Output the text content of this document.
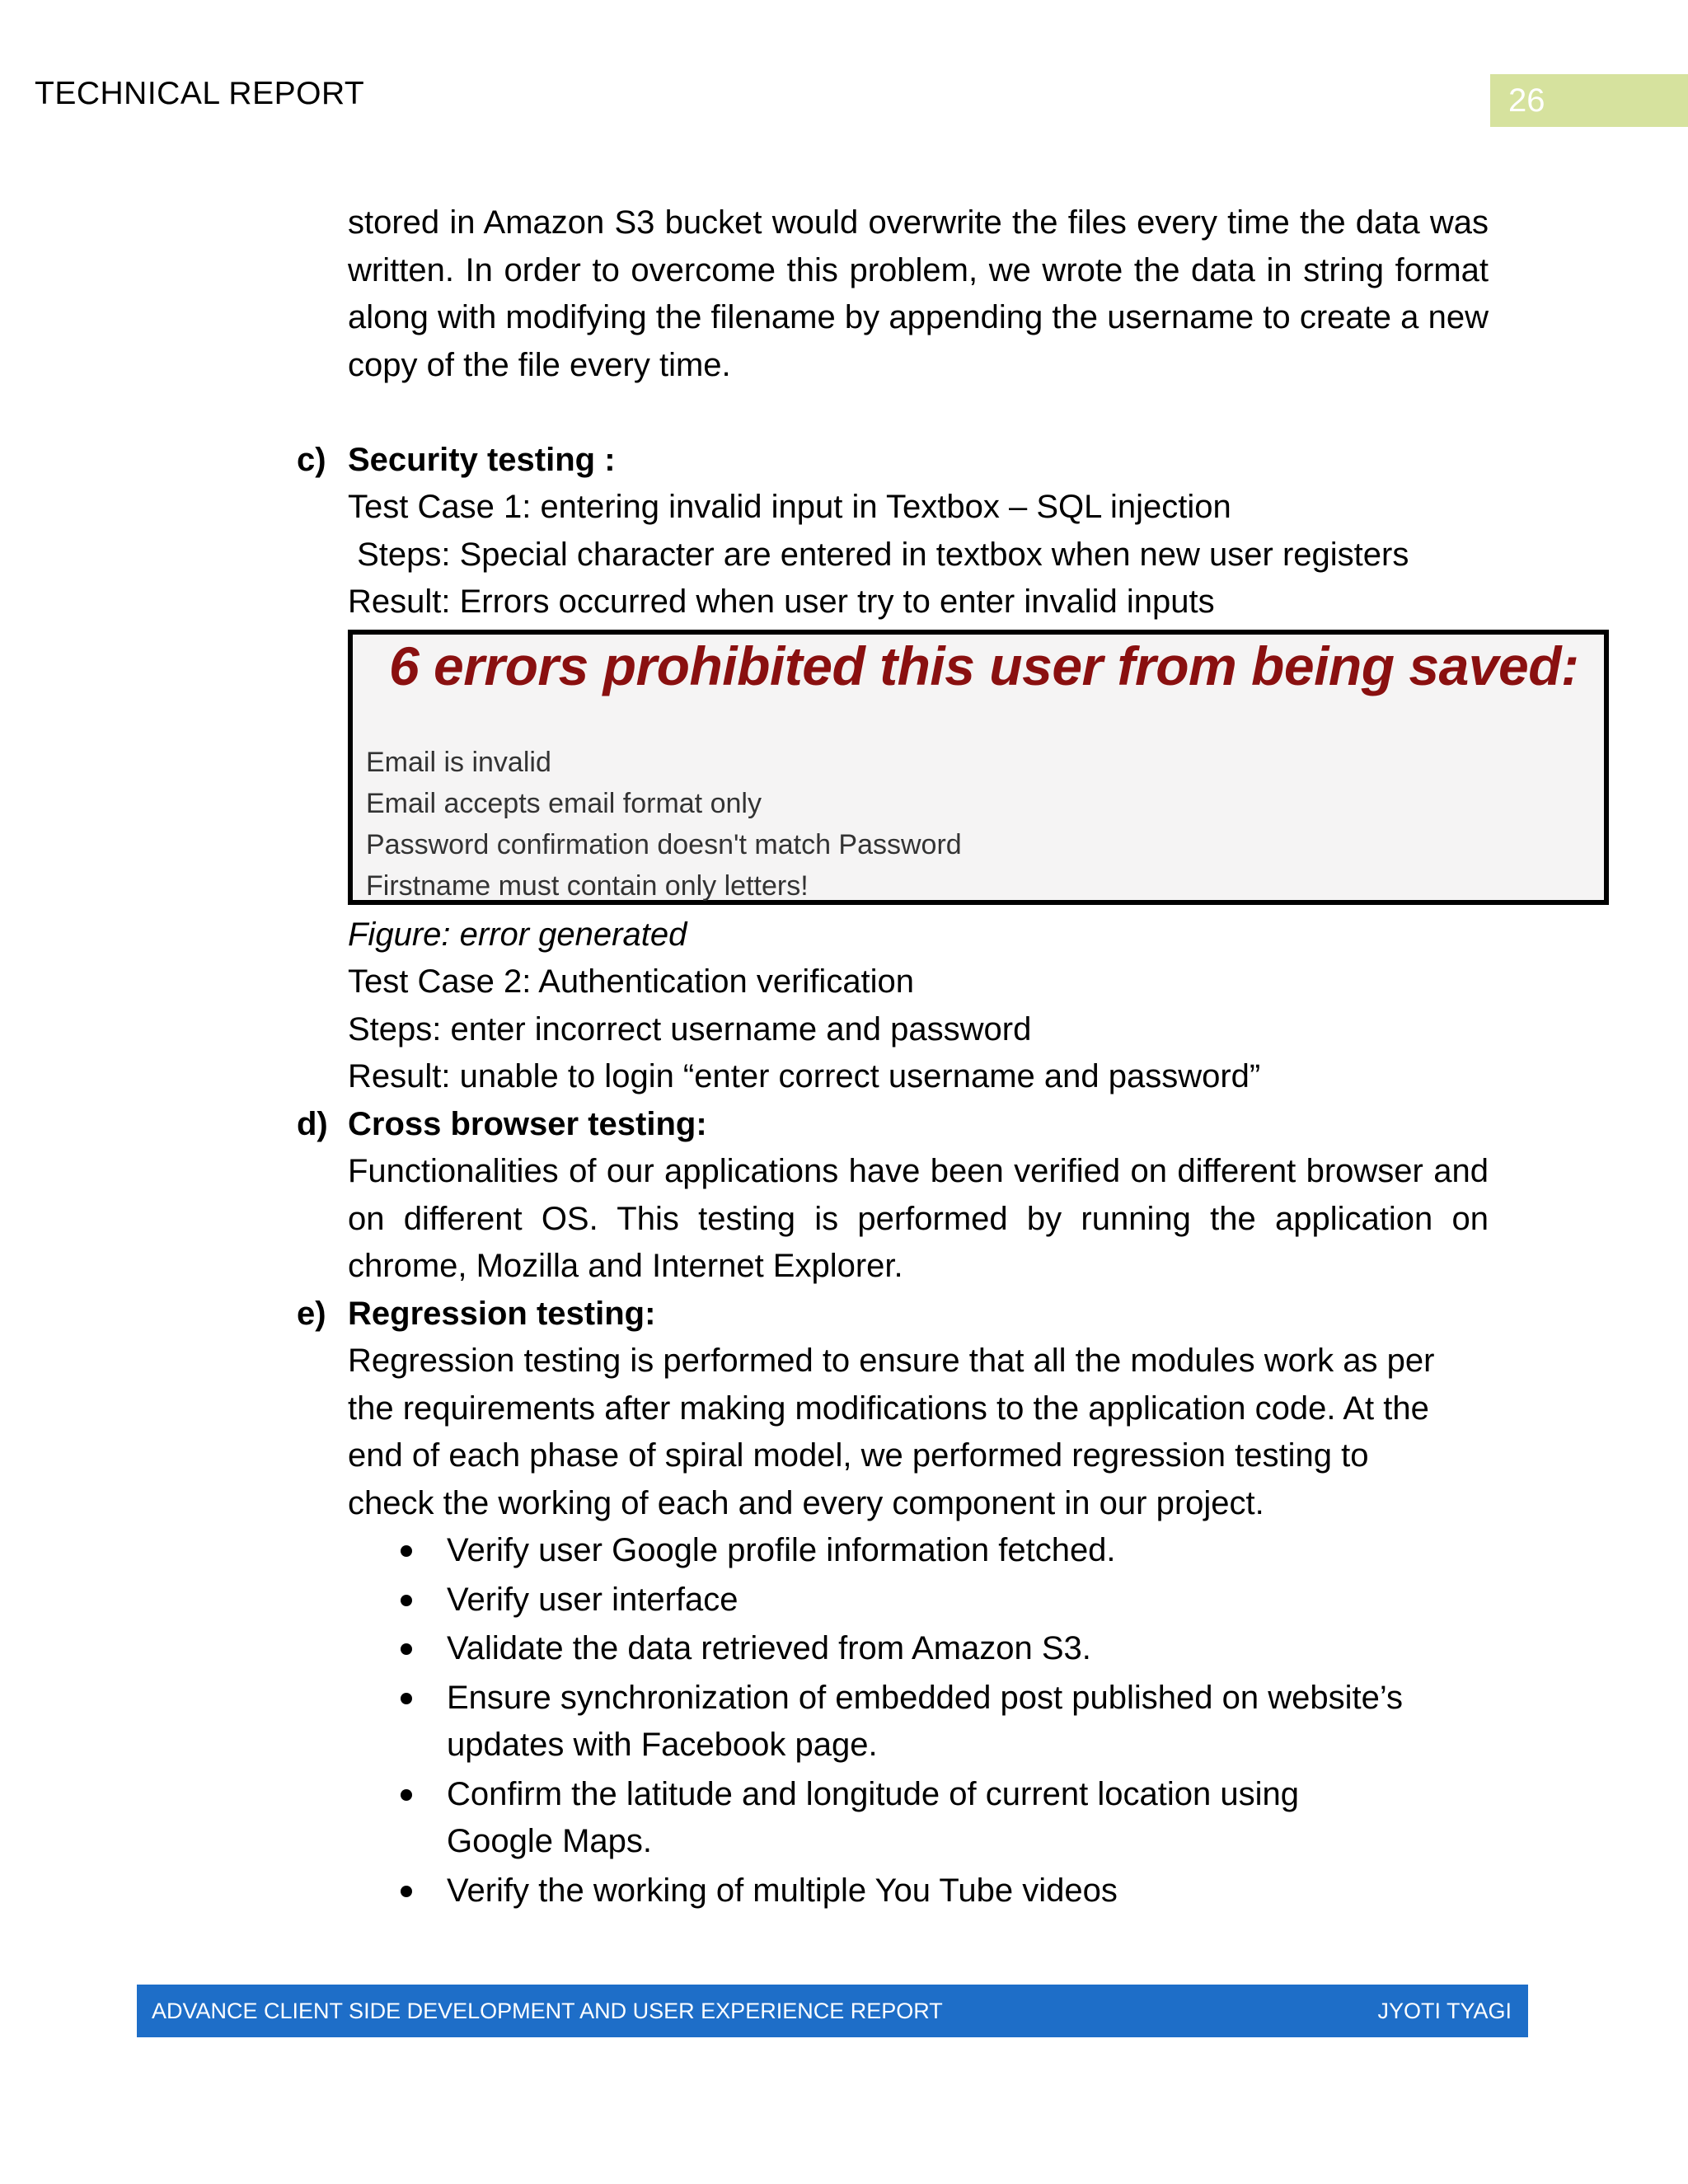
TECHNICAL REPORT	26
stored in Amazon S3 bucket would overwrite the files every time the data was written. In order to overcome this problem, we wrote the data in string format along with modifying the filename by appending the username to create a new copy of the file every time.
c) Security testing :
Test Case 1: entering invalid input in Textbox – SQL injection
Steps: Special character are entered in textbox when new user registers
Result: Errors occurred when user try to enter invalid inputs
6 errors prohibited this user from being saved:
Email is invalid
Email accepts email format only
Password confirmation doesn't match Password
Firstname must contain only letters!
Figure: error generated
Test Case 2: Authentication verification
Steps: enter incorrect username and password
Result: unable to login “enter correct username and password”
d) Cross browser testing:
Functionalities of our applications have been verified on different browser and on different OS. This testing is performed by running the application on chrome, Mozilla and Internet Explorer.
e) Regression testing:
Regression testing is performed to ensure that all the modules work as per the requirements after making modifications to the application code. At the end of each phase of spiral model, we performed regression testing to check the working of each and every component in our project.
Verify user Google profile information fetched.
Verify user interface
Validate the data retrieved from Amazon S3.
Ensure synchronization of embedded post published on website’s updates with Facebook page.
Confirm the latitude and longitude of current location using Google Maps.
Verify the working of multiple You Tube videos
ADVANCE CLIENT SIDE DEVELOPMENT AND USER EXPERIENCE REPORT	JYOTI TYAGI
